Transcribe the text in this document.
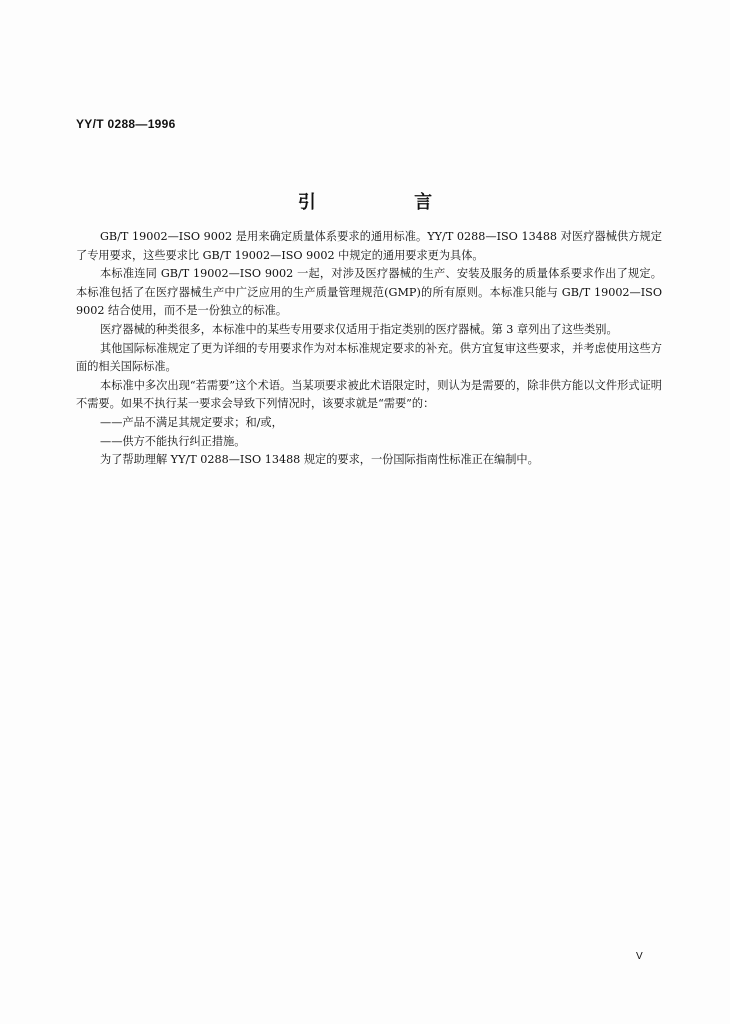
YY/T 0288—1996
引 言

GB/T 19002—ISO 9002 是用来确定质量体系要求的通用标准。YY/T 0288—ISO 13488 对医疗器械供方规定了专用要求，这些要求比 GB/T 19002—ISO 9002 中规定的通用要求更为具体。

本标准连同 GB/T 19002—ISO 9002 一起，对涉及医疗器械的生产、安装及服务的质量体系要求作出了规定。本标准包括了在医疗器械生产中广泛应用的生产质量管理规范(GMP)的所有原则。本标准只能与 GB/T 19002—ISO 9002 结合使用，而不是一份独立的标准。

医疗器械的种类很多，本标准中的某些专用要求仅适用于指定类别的医疗器械。第 3 章列出了这些类别。

其他国际标准规定了更为详细的专用要求作为对本标准规定要求的补充。供方宜复审这些要求，并考虑使用这些方面的相关国际标准。

本标准中多次出现“若需要”这个术语。当某项要求被此术语限定时，则认为是需要的，除非供方能以文件形式证明不需要。如果不执行某一要求会导致下列情况时，该要求就是“需要”的：

——产品不满足其规定要求；和/或，

——供方不能执行纠正措施。

为了帮助理解 YY/T 0288—ISO 13488 规定的要求，一份国际指南性标准正在编制中。

V
